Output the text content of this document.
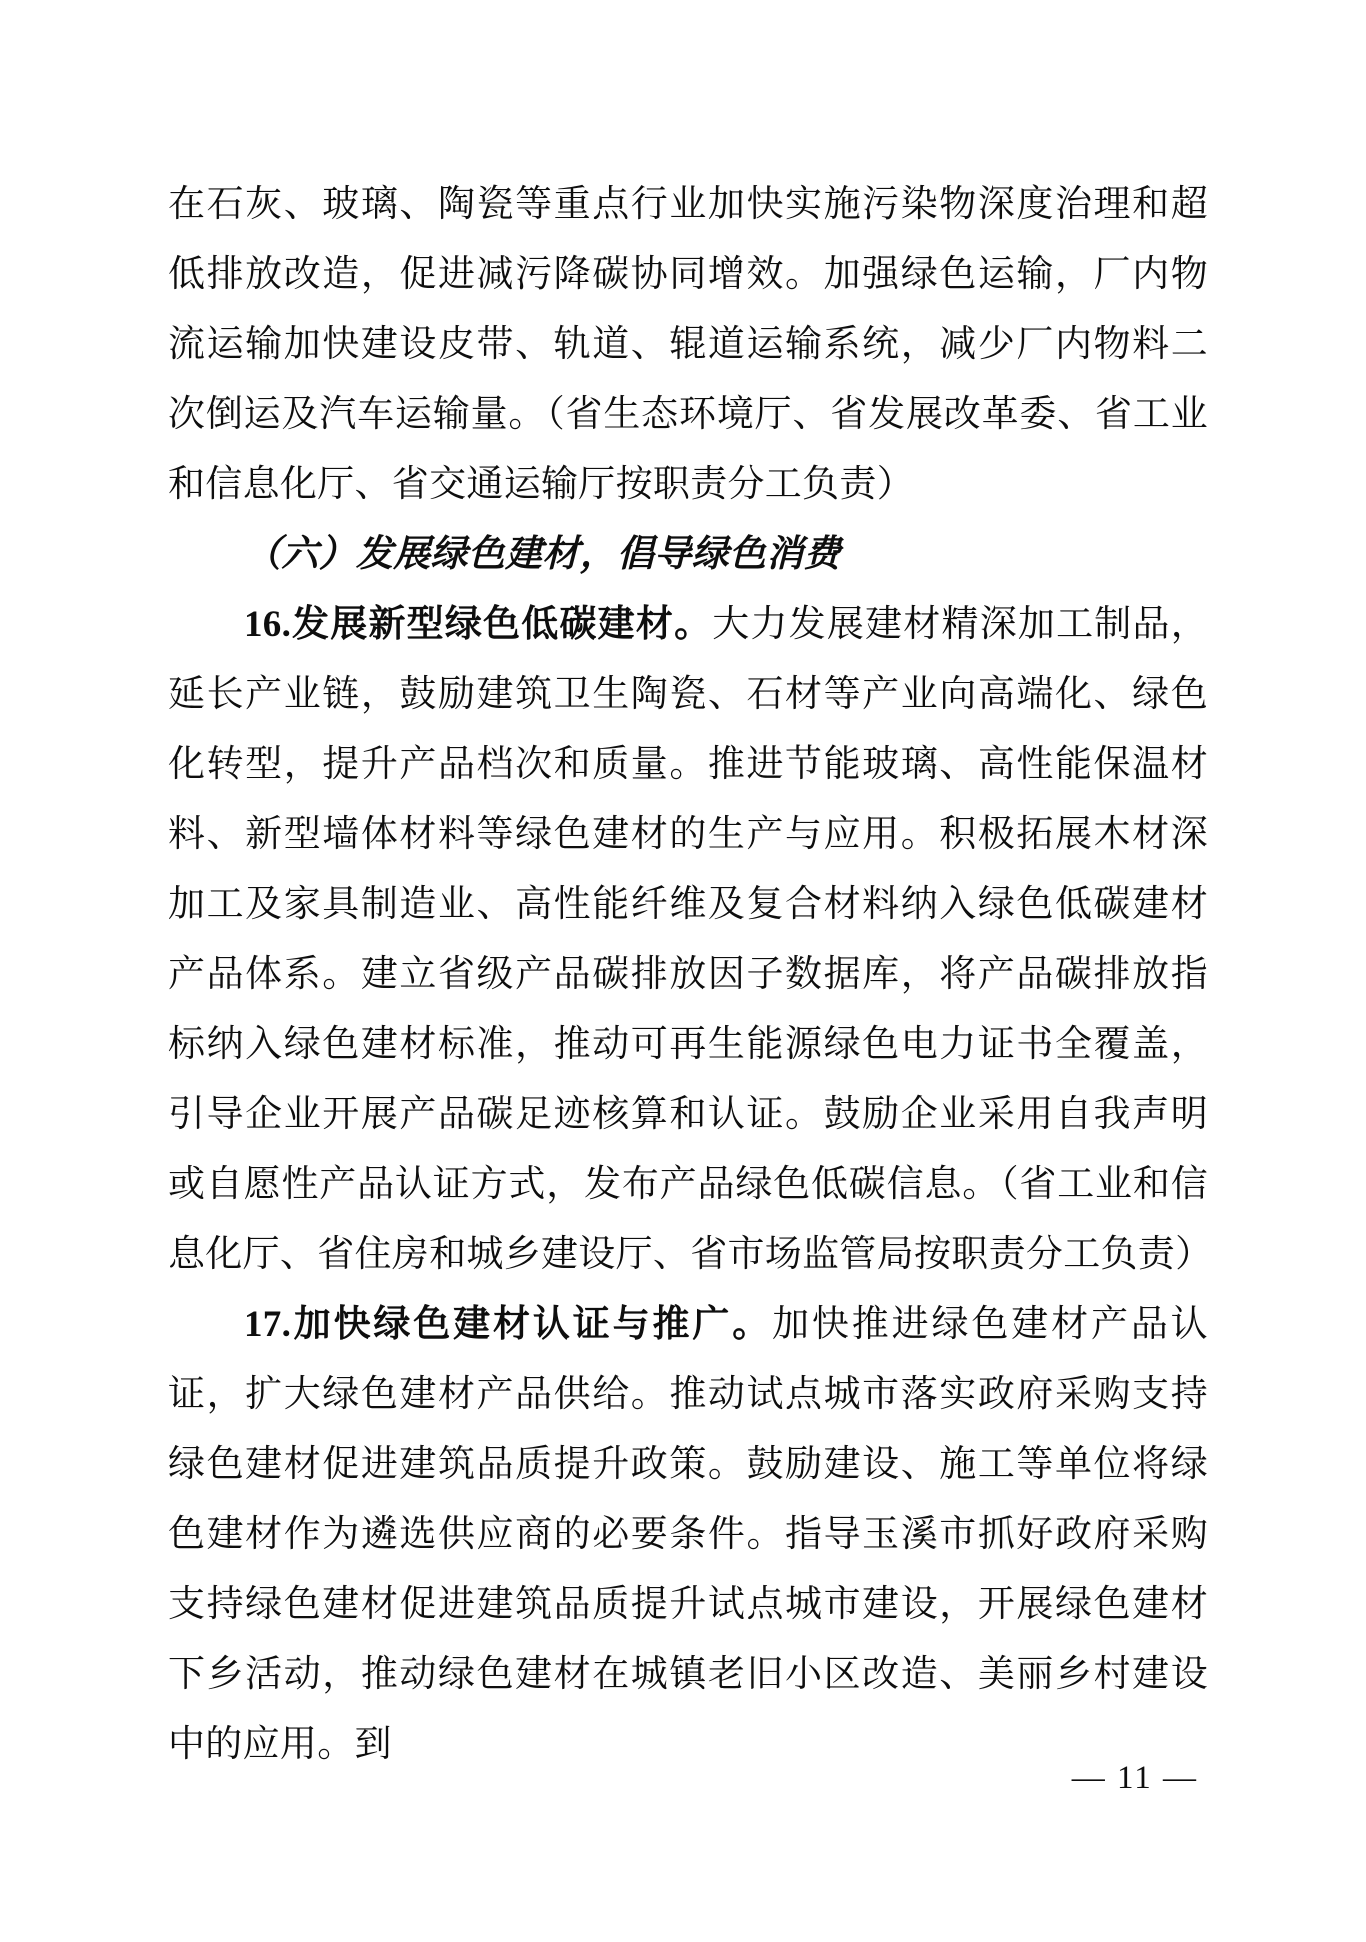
在石灰、玻璃、陶瓷等重点行业加快实施污染物深度治理和超低排放改造，促进减污降碳协同增效。加强绿色运输，厂内物流运输加快建设皮带、轨道、辊道运输系统，减少厂内物料二次倒运及汽车运输量。（省生态环境厅、省发展改革委、省工业和信息化厅、省交通运输厅按职责分工负责）

（六）发展绿色建材，倡导绿色消费

16.发展新型绿色低碳建材。大力发展建材精深加工制品，延长产业链，鼓励建筑卫生陶瓷、石材等产业向高端化、绿色化转型，提升产品档次和质量。推进节能玻璃、高性能保温材料、新型墙体材料等绿色建材的生产与应用。积极拓展木材深加工及家具制造业、高性能纤维及复合材料纳入绿色低碳建材产品体系。建立省级产品碳排放因子数据库，将产品碳排放指标纳入绿色建材标准，推动可再生能源绿色电力证书全覆盖，引导企业开展产品碳足迹核算和认证。鼓励企业采用自我声明或自愿性产品认证方式，发布产品绿色低碳信息。（省工业和信息化厅、省住房和城乡建设厅、省市场监管局按职责分工负责）

17.加快绿色建材认证与推广。加快推进绿色建材产品认证，扩大绿色建材产品供给。推动试点城市落实政府采购支持绿色建材促进建筑品质提升政策。鼓励建设、施工等单位将绿色建材作为遴选供应商的必要条件。指导玉溪市抓好政府采购支持绿色建材促进建筑品质提升试点城市建设，开展绿色建材下乡活动，推动绿色建材在城镇老旧小区改造、美丽乡村建设中的应用。到

— 11 —
